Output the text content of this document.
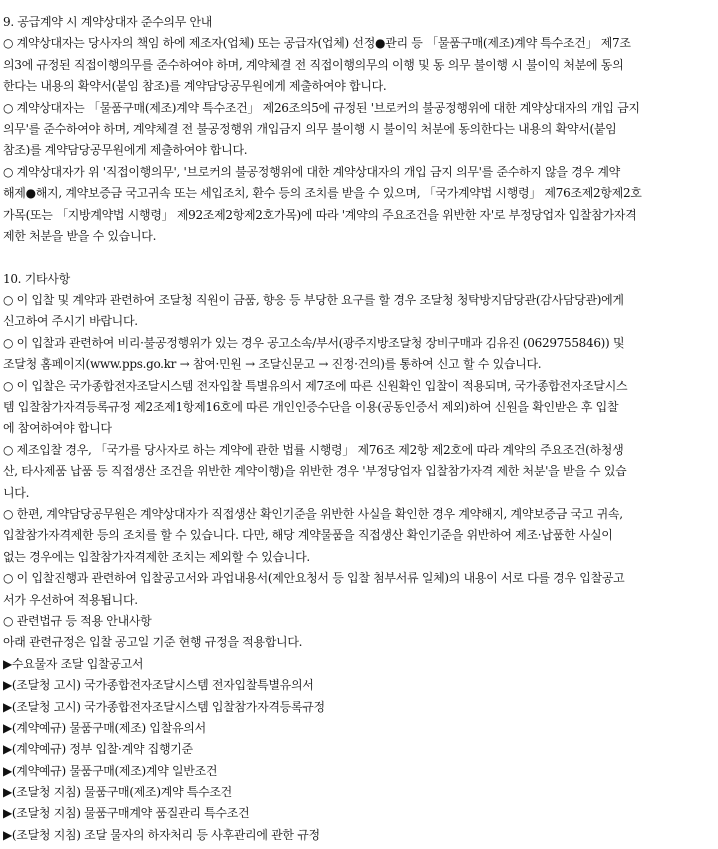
9. 공급계약 시 계약상대자 준수의무 안내
○ 계약상대자는 당사자의 책임 하에 제조자(업체) 또는 공급자(업체) 선정●관리 등 「물품구매(제조)계약 특수조건」 제7조
의3에 규정된 직접이행의무를 준수하여야 하며, 계약체결 전 직접이행의무의 이행 및 동 의무 불이행 시 불이익 처분에 동의
한다는 내용의 확약서(붙임 참조)를 계약담당공무원에게 제출하여야 합니다.
○ 계약상대자는 「물품구매(제조)계약 특수조건」 제26조의5에 규정된 '브로커의 불공정행위에 대한 계약상대자의 개입 금지
의무'를 준수하여야 하며, 계약체결 전 불공정행위 개입금지 의무 불이행 시 불이익 처분에 동의한다는 내용의 확약서(붙임
참조)를 계약담당공무원에게 제출하여야 합니다.
○ 계약상대자가 위 '직접이행의무', '브로커의 불공정행위에 대한 계약상대자의 개입 금지 의무'를 준수하지 않을 경우 계약
해제●해지, 계약보증금 국고귀속 또는 세입조치, 환수 등의 조치를 받을 수 있으며, 「국가계약법 시행령」 제76조제2항제2호
가목(또는 「지방계약법 시행령」 제92조제2항제2호가목)에 따라 '계약의 주요조건을 위반한 자'로 부정당업자 입찰참가자격
제한 처분을 받을 수 있습니다.
10. 기타사항
○ 이 입찰 및 계약과 관련하여 조달청 직원이 금품, 향응 등 부당한 요구를 할 경우 조달청 청탁방지담당관(감사담당관)에게
신고하여 주시기 바랍니다.
○ 이 입찰과 관련하여 비리·불공정행위가 있는 경우 공고소속/부서(광주지방조달청 장비구매과 김유진 (0629755846)) 및
조달청 홈페이지(www.pps.go.kr → 참여·민원 → 조달신문고 → 진정·건의)를 통하여 신고 할 수 있습니다.
○ 이 입찰은 국가종합전자조달시스템 전자입찰 특별유의서 제7조에 따른 신원확인 입찰이 적용되며, 국가종합전자조달시스
템 입찰참가자격등록규정 제2조제1항제16호에 따른 개인인증수단을 이용(공동인증서 제외)하여 신원을 확인받은 후 입찰
에 참여하여야 합니다
○ 제조입찰 경우, 「국가를 당사자로 하는 계약에 관한 법률 시행령」 제76조 제2항 제2호에 따라 계약의 주요조건(하청생
산, 타사제품 납품 등 직접생산 조건을 위반한 계약이행)을 위반한 경우 '부정당업자 입찰참가자격 제한 처분'을 받을 수 있습
니다.
○ 한편, 계약담당공무원은 계약상대자가 직접생산 확인기준을 위반한 사실을 확인한 경우 계약해지, 계약보증금 국고 귀속,
입찰참가자격제한 등의 조치를 할 수 있습니다. 다만, 해당 계약물품을 직접생산 확인기준을 위반하여 제조·납품한 사실이
없는 경우에는 입찰참가자격제한 조치는 제외할 수 있습니다.
○ 이 입찰진행과 관련하여 입찰공고서와 과업내용서(제안요청서 등 입찰 첨부서류 일체)의 내용이 서로 다를 경우 입찰공고
서가 우선하여 적용됩니다.
○ 관련법규 등 적용 안내사항
아래 관련규정은 입찰 공고일 기준 현행 규정을 적용합니다.
▶수요물자 조달 입찰공고서
▶(조달청 고시) 국가종합전자조달시스템 전자입찰특별유의서
▶(조달청 고시) 국가종합전자조달시스템 입찰참가자격등록규정
▶(계약예규) 물품구매(제조) 입찰유의서
▶(계약예규) 정부 입찰·계약 집행기준
▶(계약예규) 물품구매(제조)계약 일반조건
▶(조달청 지침) 물품구매(제조)계약 특수조건
▶(조달청 지침) 물품구매계약 품질관리 특수조건
▶(조달청 지침) 조달 물자의 하자처리 등 사후관리에 관한 규정
